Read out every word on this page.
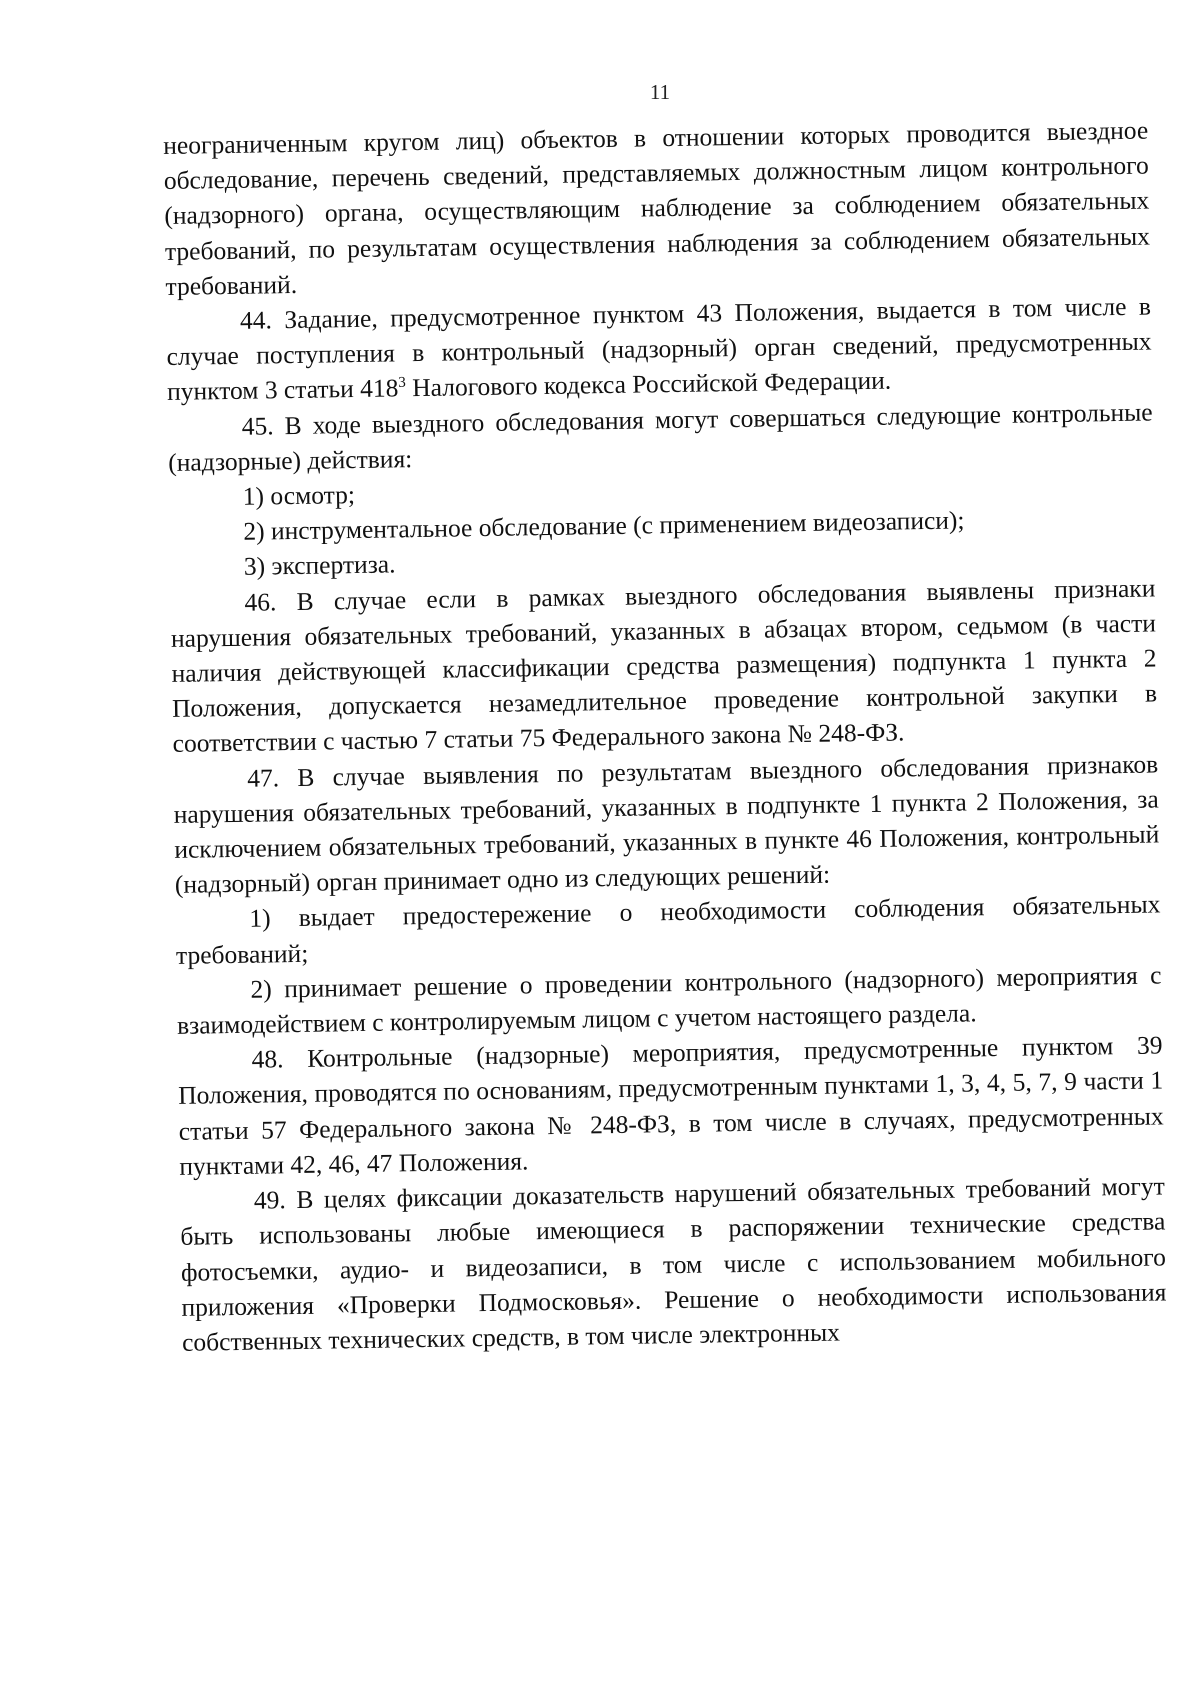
11

неограниченным кругом лиц) объектов в отношении которых проводится выездное обследование, перечень сведений, представляемых должностным лицом контрольного (надзорного) органа, осуществляющим наблюдение за соблюдением обязательных требований, по результатам осуществления наблюдения за соблюдением обязательных требований.

44. Задание, предусмотренное пунктом 43 Положения, выдается в том числе в случае поступления в контрольный (надзорный) орган сведений, предусмотренных пунктом 3 статьи $418^3$ Налогового кодекса Российской Федерации.

45. В ходе выездного обследования могут совершаться следующие контрольные (надзорные) действия:

1) осмотр;

2) инструментальное обследование (с применением видеозаписи);

3) экспертиза.

46. В случае если в рамках выездного обследования выявлены признаки нарушения обязательных требований, указанных в абзацах втором, седьмом (в части наличия действующей классификации средства размещения) подпункта 1 пункта 2 Положения, допускается незамедлительное проведение контрольной закупки в соответствии с частью 7 статьи 75 Федерального закона № 248-ФЗ.

47. В случае выявления по результатам выездного обследования признаков нарушения обязательных требований, указанных в подпункте 1 пункта 2 Положения, за исключением обязательных требований, указанных в пункте 46 Положения, контрольный (надзорный) орган принимает одно из следующих решений:

1) выдает предостережение о необходимости соблюдения обязательных требований;

2) принимает решение о проведении контрольного (надзорного) мероприятия с взаимодействием с контролируемым лицом с учетом настоящего раздела.

48. Контрольные (надзорные) мероприятия, предусмотренные пунктом 39 Положения, проводятся по основаниям, предусмотренным пунктами 1, 3, 4, 5, 7, 9 части 1 статьи 57 Федерального закона № 248-ФЗ, в том числе в случаях, предусмотренных пунктами 42, 46, 47 Положения.

49. В целях фиксации доказательств нарушений обязательных требований могут быть использованы любые имеющиеся в распоряжении технические средства фотосъемки, аудио- и видеозаписи, в том числе с использованием мобильного приложения «Проверки Подмосковья». Решение о необходимости использования собственных технических средств, в том числе электронных
